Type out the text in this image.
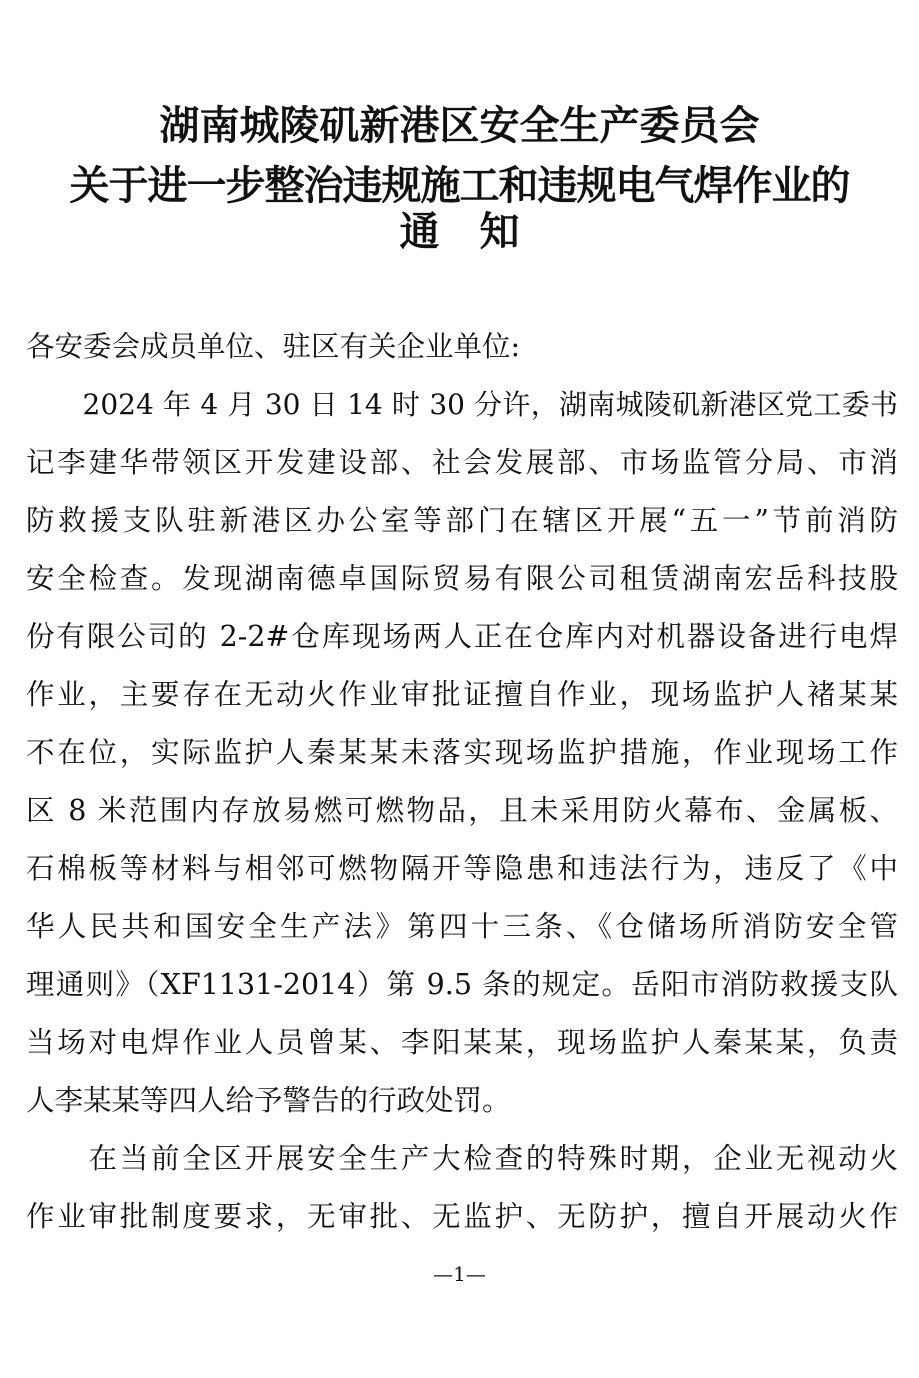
湖南城陵矶新港区安全生产委员会
关于进一步整治违规施工和违规电气焊作业的
通　知
各安委会成员单位、驻区有关企业单位:
　　2024 年 4 月 30 日 14 时 30 分许，湖南城陵矶新港区党工委书
记李建华带领区开发建设部、社会发展部、市场监管分局、市消
防救援支队驻新港区办公室等部门在辖区开展“五一”节前消防
安全检查。发现湖南德卓国际贸易有限公司租赁湖南宏岳科技股
份有限公司的 2-2#仓库现场两人正在仓库内对机器设备进行电焊
作业，主要存在无动火作业审批证擅自作业，现场监护人褚某某
不在位，实际监护人秦某某未落实现场监护措施，作业现场工作
区 8 米范围内存放易燃可燃物品，且未采用防火幕布、金属板、
石棉板等材料与相邻可燃物隔开等隐患和违法行为，违反了《中
华人民共和国安全生产法》第四十三条、《仓储场所消防安全管
理通则》（XF1131-2014）第 9.5 条的规定。岳阳市消防救援支队
当场对电焊作业人员曾某、李阳某某，现场监护人秦某某，负责
人李某某等四人给予警告的行政处罚。
　　在当前全区开展安全生产大检查的特殊时期，企业无视动火
作业审批制度要求，无审批、无监护、无防护，擅自开展动火作
—1—
